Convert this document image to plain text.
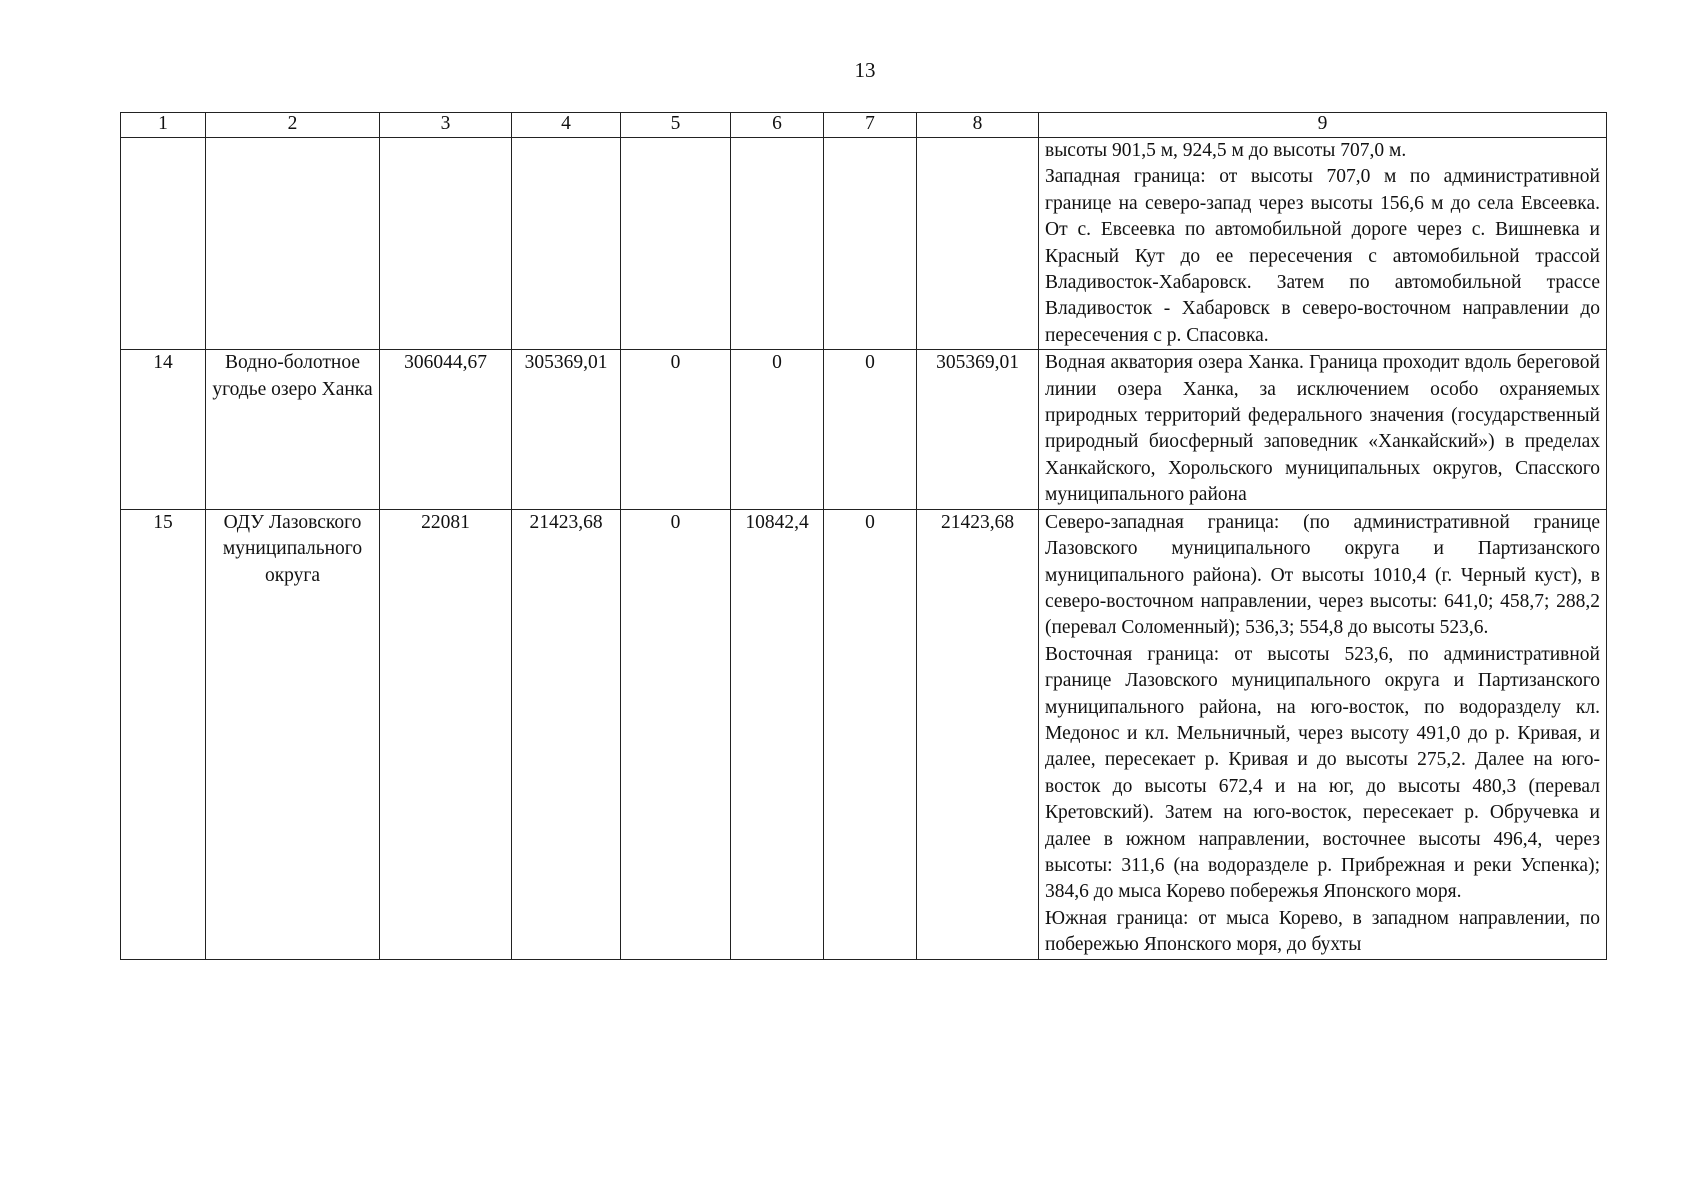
13
1	2	3	4	5	6	7	8	9

								высоты 901,5 м, 924,5 м до высоты 707,0 м.
Западная граница: от высоты 707,0 м по административной границе на северо-запад через высоты 156,6 м до села Евсеевка. От с. Евсеевка по автомобильной дороге через с. Вишневка и Красный Кут до ее пересечения с автомобильной трассой Владивосток-Хабаровск. Затем по автомобильной трассе Владивосток - Хабаровск в северо-восточном направлении до пересечения с р. Спасовка.

14	Водно-болотное угодье озеро Ханка	306044,67	305369,01	0	0	0	305369,01	Водная акватория озера Ханка. Граница проходит вдоль береговой линии озера Ханка, за исключением особо охраняемых природных территорий федерального значения (государственный природный биосферный заповедник «Ханкайский») в пределах Ханкайского, Хорольского муниципальных округов, Спасского муниципального района

15	ОДУ Лазовского муниципального округа	22081	21423,68	0	10842,4	0	21423,68	Северо-западная граница: (по административной границе Лазовского муниципального округа и Партизанского муниципального района). От высоты 1010,4 (г. Черный куст), в северо-восточном направлении, через высоты: 641,0; 458,7; 288,2 (перевал Соломенный); 536,3; 554,8 до высоты 523,6.
Восточная граница: от высоты 523,6, по административной границе Лазовского муниципального округа и Партизанского муниципального района, на юго-восток, по водоразделу кл. Медонос и кл. Мельничный, через высоту 491,0 до р. Кривая, и далее, пересекает р. Кривая и до высоты 275,2. Далее на юго-восток до высоты 672,4 и на юг, до высоты 480,3 (перевал Кретовский). Затем на юго-восток, пересекает р. Обручевка и далее в южном направлении, восточнее высоты 496,4, через высоты: 311,6 (на водоразделе р. Прибрежная и реки Успенка); 384,6 до мыса Корево побережья Японского моря.
Южная граница: от мыса Корево, в западном направлении, по побережью Японского моря, до бухты
